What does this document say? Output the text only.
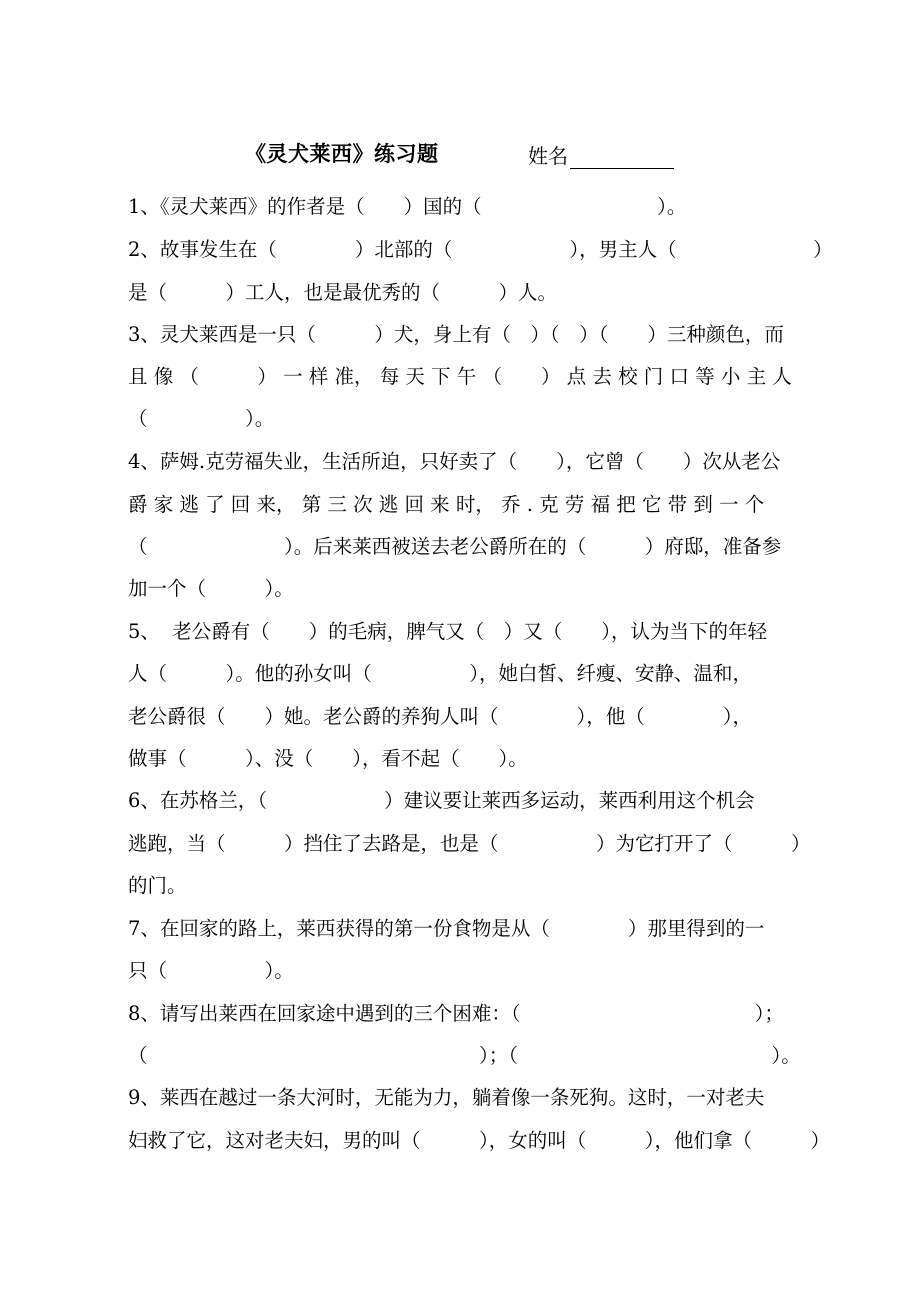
《灵犬莱西》练习题	姓名
1、《灵犬莱西》的作者是（　　）国的（　　　　　　　　　）。
2、故事发生在（　　　　）北部的（　　　　　　），男主人（　　　　　　　）
是（　　　）工人，也是最优秀的（　　　）人。
3、灵犬莱西是一只（　　　）犬，身上有（　）（　）（　　）三种颜色，而
且 像 （　　　） 一 样 准， 每 天 下 午 （　　） 点 去 校 门 口 等 小 主 人
（　　　　　）。
4、萨姆.克劳福失业，生活所迫，只好卖了（　　），它曾（　　）次从老公
爵 家 逃 了 回 来， 第 三 次 逃 回 来 时， 乔 . 克 劳 福 把 它 带 到 一 个
（　　　　　　　）。后来莱西被送去老公爵所在的（　　　）府邸，准备参
加一个（　　　）。
5、  老公爵有（　　）的毛病，脾气又（　）又（　　），认为当下的年轻
人（　　　）。他的孙女叫（　　　　　），她白皙、纤瘦、安静、温和，
老公爵很（　　）她。老公爵的养狗人叫（　　　　），他（　　　　），
做事（　　　）、没（　　），看不起（　　）。
6、在苏格兰，（　　　　　　）建议要让莱西多运动，莱西利用这个机会
逃跑，当（　　　）挡住了去路是，也是（　　　　　）为它打开了（　　　）
的门。
7、在回家的路上，莱西获得的第一份食物是从（　　　　）那里得到的一
只（　　　　　）。
8、请写出莱西在回家途中遇到的三个困难：（　　　　　　　　　　　　）；
（　　　　　　　　　　　　　　　　　）；（　　　　　　　　　　　　　）。
9、莱西在越过一条大河时，无能为力，躺着像一条死狗。这时，一对老夫
妇救了它，这对老夫妇，男的叫（　　　），女的叫（　　　），他们拿（　　　）
